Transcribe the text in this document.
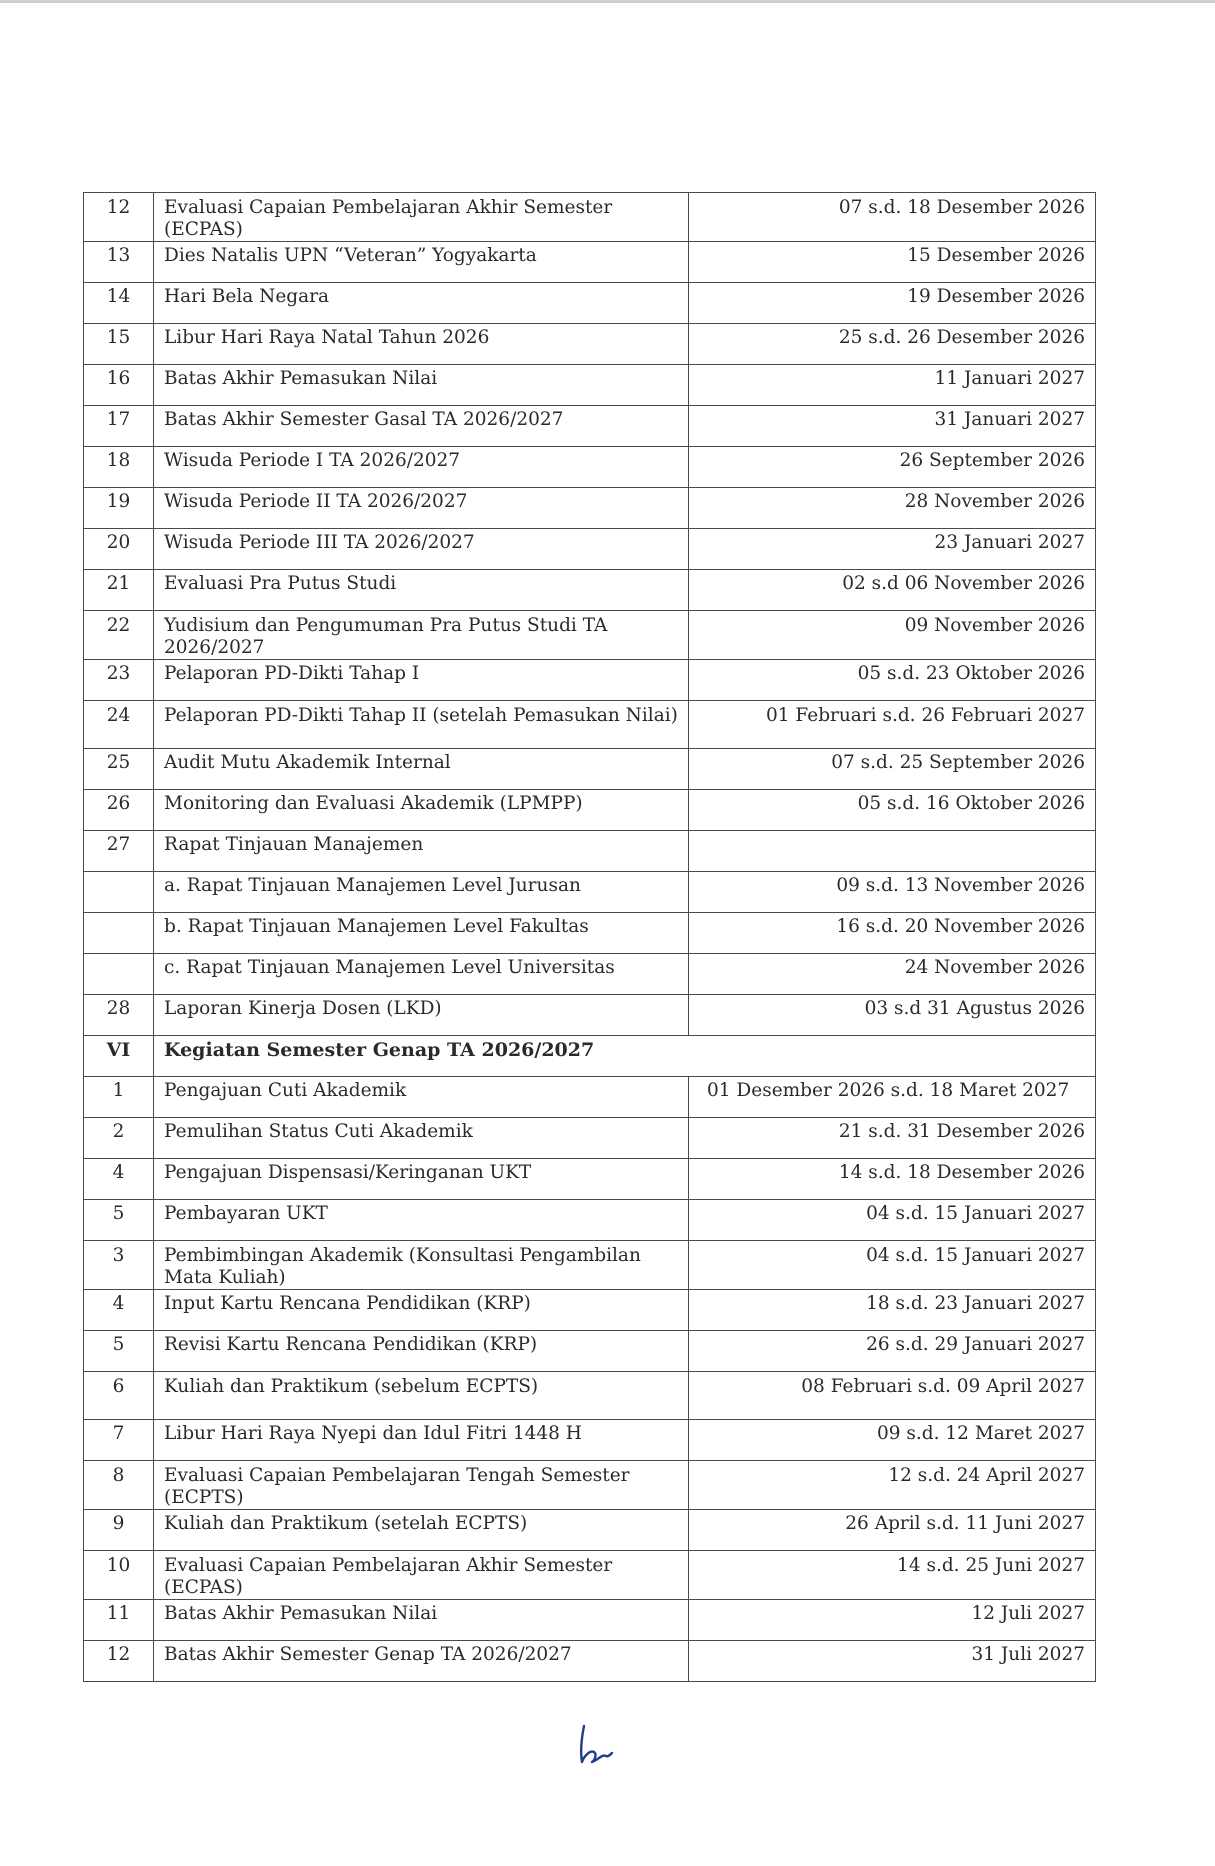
12	Evaluasi Capaian Pembelajaran Akhir Semester (ECPAS)	07 s.d. 18 Desember 2026
13	Dies Natalis UPN “Veteran” Yogyakarta	15 Desember 2026
14	Hari Bela Negara	19 Desember 2026
15	Libur Hari Raya Natal Tahun 2026	25 s.d. 26 Desember 2026
16	Batas Akhir Pemasukan Nilai	11 Januari 2027
17	Batas Akhir Semester Gasal TA 2026/2027	31 Januari 2027
18	Wisuda Periode I TA 2026/2027	26 September 2026
19	Wisuda Periode II TA 2026/2027	28 November 2026
20	Wisuda Periode III TA 2026/2027	23 Januari 2027
21	Evaluasi Pra Putus Studi	02 s.d 06 November 2026
22	Yudisium dan Pengumuman Pra Putus Studi TA 2026/2027	09 November 2026
23	Pelaporan PD-Dikti Tahap I	05 s.d. 23 Oktober 2026
24	Pelaporan PD-Dikti Tahap II (setelah Pemasukan Nilai)	01 Februari s.d. 26 Februari 2027
25	Audit Mutu Akademik Internal	07 s.d. 25 September 2026
26	Monitoring dan Evaluasi Akademik (LPMPP)	05 s.d. 16 Oktober 2026
27	Rapat Tinjauan Manajemen	
	a. Rapat Tinjauan Manajemen Level Jurusan	09 s.d. 13 November 2026
	b. Rapat Tinjauan Manajemen Level Fakultas	16 s.d. 20 November 2026
	c. Rapat Tinjauan Manajemen Level Universitas	24 November 2026
28	Laporan Kinerja Dosen (LKD)	03 s.d 31 Agustus 2026
VI	Kegiatan Semester Genap TA 2026/2027	
1	Pengajuan Cuti Akademik	01 Desember 2026 s.d. 18 Maret 2027
2	Pemulihan Status Cuti Akademik	21 s.d. 31 Desember 2026
4	Pengajuan Dispensasi/Keringanan UKT	14 s.d. 18 Desember 2026
5	Pembayaran UKT	04 s.d. 15 Januari 2027
3	Pembimbingan Akademik (Konsultasi Pengambilan Mata Kuliah)	04 s.d. 15 Januari 2027
4	Input Kartu Rencana Pendidikan (KRP)	18 s.d. 23 Januari 2027
5	Revisi Kartu Rencana Pendidikan (KRP)	26 s.d. 29 Januari 2027
6	Kuliah dan Praktikum (sebelum ECPTS)	08 Februari s.d. 09 April 2027
7	Libur Hari Raya Nyepi dan Idul Fitri 1448 H	09 s.d. 12 Maret 2027
8	Evaluasi Capaian Pembelajaran Tengah Semester (ECPTS)	12 s.d. 24 April 2027
9	Kuliah dan Praktikum (setelah ECPTS)	26 April s.d. 11 Juni 2027
10	Evaluasi Capaian Pembelajaran Akhir Semester (ECPAS)	14 s.d. 25 Juni 2027
11	Batas Akhir Pemasukan Nilai	12 Juli 2027
12	Batas Akhir Semester Genap TA 2026/2027	31 Juli 2027
